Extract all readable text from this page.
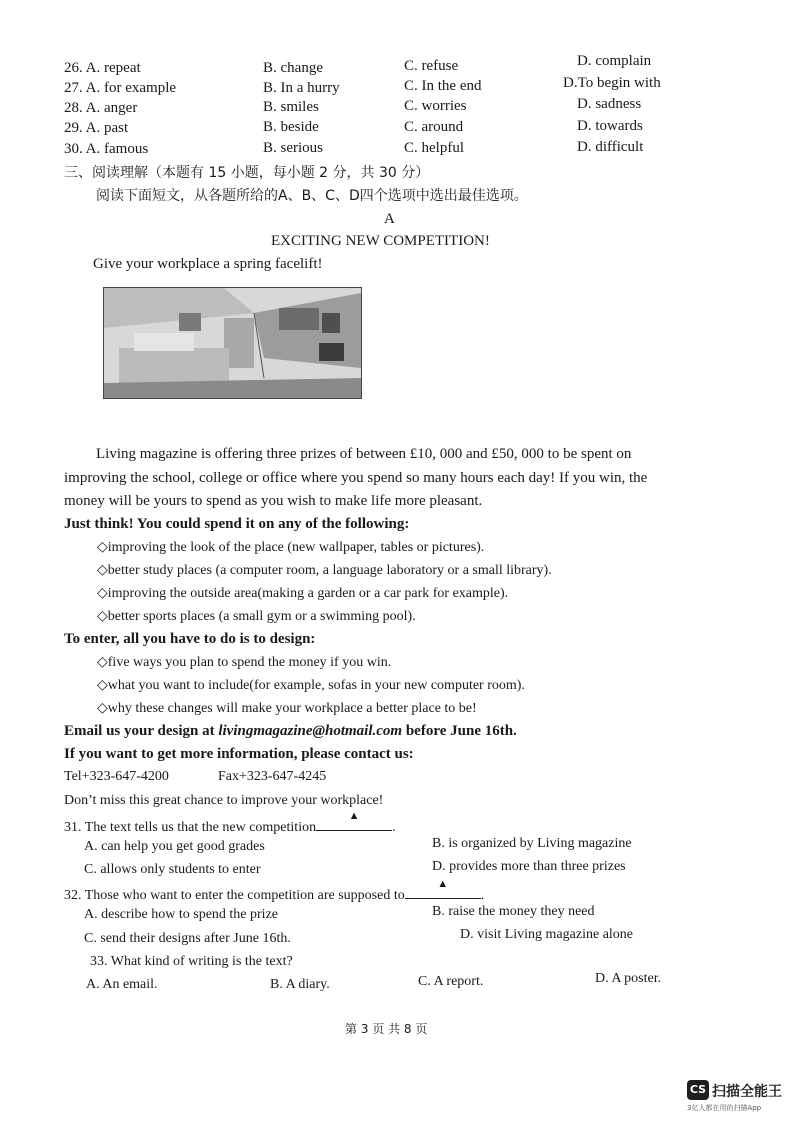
26. A. repeat	B. change	C. refuse	D. complain
27. A. for example	B. In a hurry	C. In the end	D.To begin with
28. A. anger	B. smiles	C. worries	D. sadness
29. A. past	B. beside	C. around	D. towards
30. A. famous	B. serious	C. helpful	D. difficult
三、阅读理解（本题有 15 小题，每小题 2 分，共 30 分）
阅读下面短文，从各题所给的A、B、C、D四个选项中选出最佳选项。
A
EXCITING NEW COMPETITION!
Give your workplace a spring facelift!
Living magazine is offering three prizes of between £10, 000 and £50, 000 to be spent on
improving the school, college or office where you spend so many hours each day! If you win, the
money will be yours to spend as you wish to make life more pleasant.
Just think! You could spend it on any of the following:
◇improving the look of the place (new wallpaper, tables or pictures).
◇better study places (a computer room, a language laboratory or a small library).
◇improving the outside area(making a garden or a car park for example).
◇better sports places (a small gym or a swimming pool).
To enter, all you have to do is to design:
◇five ways you plan to spend the money if you win.
◇what you want to include(for example, sofas in your new computer room).
◇why these changes will make your workplace a better place to be!
Email us your design at livingmagazine@hotmail.com before June 16th.
If you want to get more information, please contact us:
Tel+323-647-4200	Fax+323-647-4245
Don’t miss this great chance to improve your workplace!
31. The text tells us that the new competition
▲
.
A. can help you get good grades	B. is organized by Living magazine
C. allows only students to enter	D. provides more than three prizes
32. Those who want to enter the competition are supposed to
▲
.
A. describe how to spend the prize	B. raise the money they need
C. send their designs after June 16th.	D. visit Living magazine alone
33. What kind of writing is the text?
A. An email.	B. A diary.	C. A report.	D. A poster.
第 3 页 共 8 页
CS 扫描全能王
3亿人都在用的扫描App
